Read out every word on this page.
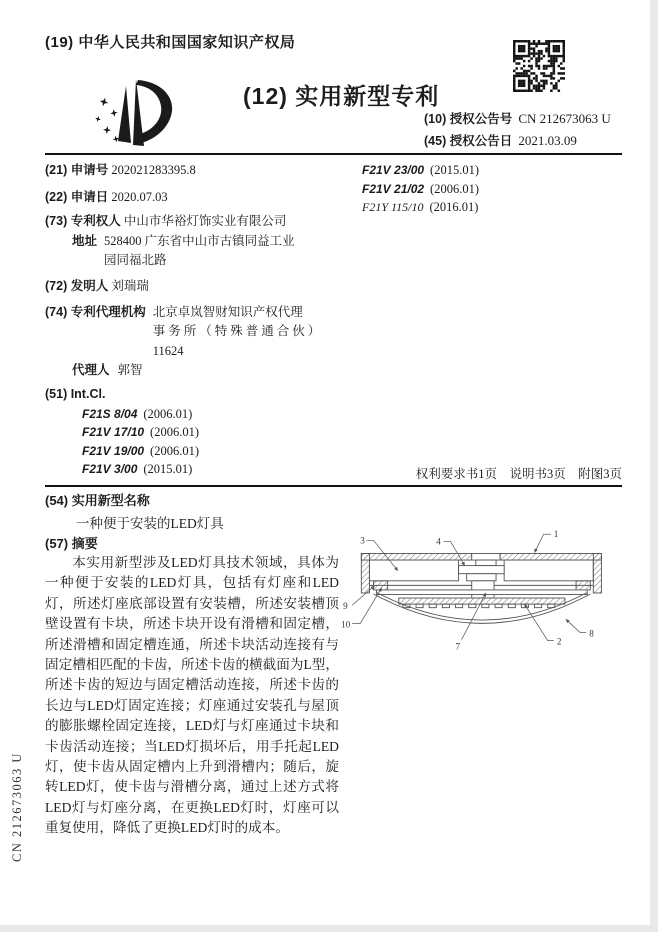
(19) 中华人民共和国国家知识产权局
(12) 实用新型专利
(10) 授权公告号 CN 212673063 U
(45) 授权公告日 2021.03.09
(21) 申请号 202021283395.8
(22) 申请日 2020.07.03
(73) 专利权人 中山市华裕灯饰实业有限公司
地址 528400 广东省中山市古镇同益工业
园同福北路
(72) 发明人 刘瑞瑞
(74) 专利代理机构 北京卓岚智财知识产权代理
事务所（特殊普通合伙）
11624
代理人 郭智
(51) Int.Cl.
F21S 8/04 (2006.01)
F21V 17/10 (2006.01)
F21V 19/00 (2006.01)
F21V 3/00 (2015.01)
F21V 23/00 (2015.01)
F21V 21/02 (2006.01)
F21Y 115/10 (2016.01)
权利要求书1页　说明书3页　附图3页
(54) 实用新型名称
一种便于安装的LED灯具
(57) 摘要
本实用新型涉及LED灯具技术领域，具体为一种便于安装的LED灯具，包括有灯座和LED灯，所述灯座底部设置有安装槽，所述安装槽顶壁设置有卡块，所述卡块开设有滑槽和固定槽，所述滑槽和固定槽连通，所述卡块活动连接有与固定槽相匹配的卡齿，所述卡齿的横截面为L型，所述卡齿的短边与固定槽活动连接，所述卡齿的长边与LED灯固定连接；灯座通过安装孔与屋顶的膨胀螺栓固定连接，LED灯与灯座通过卡块和卡齿活动连接；当LED灯损坏后，用手托起LED灯，使卡齿从固定槽内上升到滑槽内；随后，旋转LED灯，使卡齿与滑槽分离，通过上述方式将LED灯与灯座分离，在更换LED灯时，灯座可以重复使用，降低了更换LED灯时的成本。
3	4
1
9
10
7
2
8
CN 212673063 U
